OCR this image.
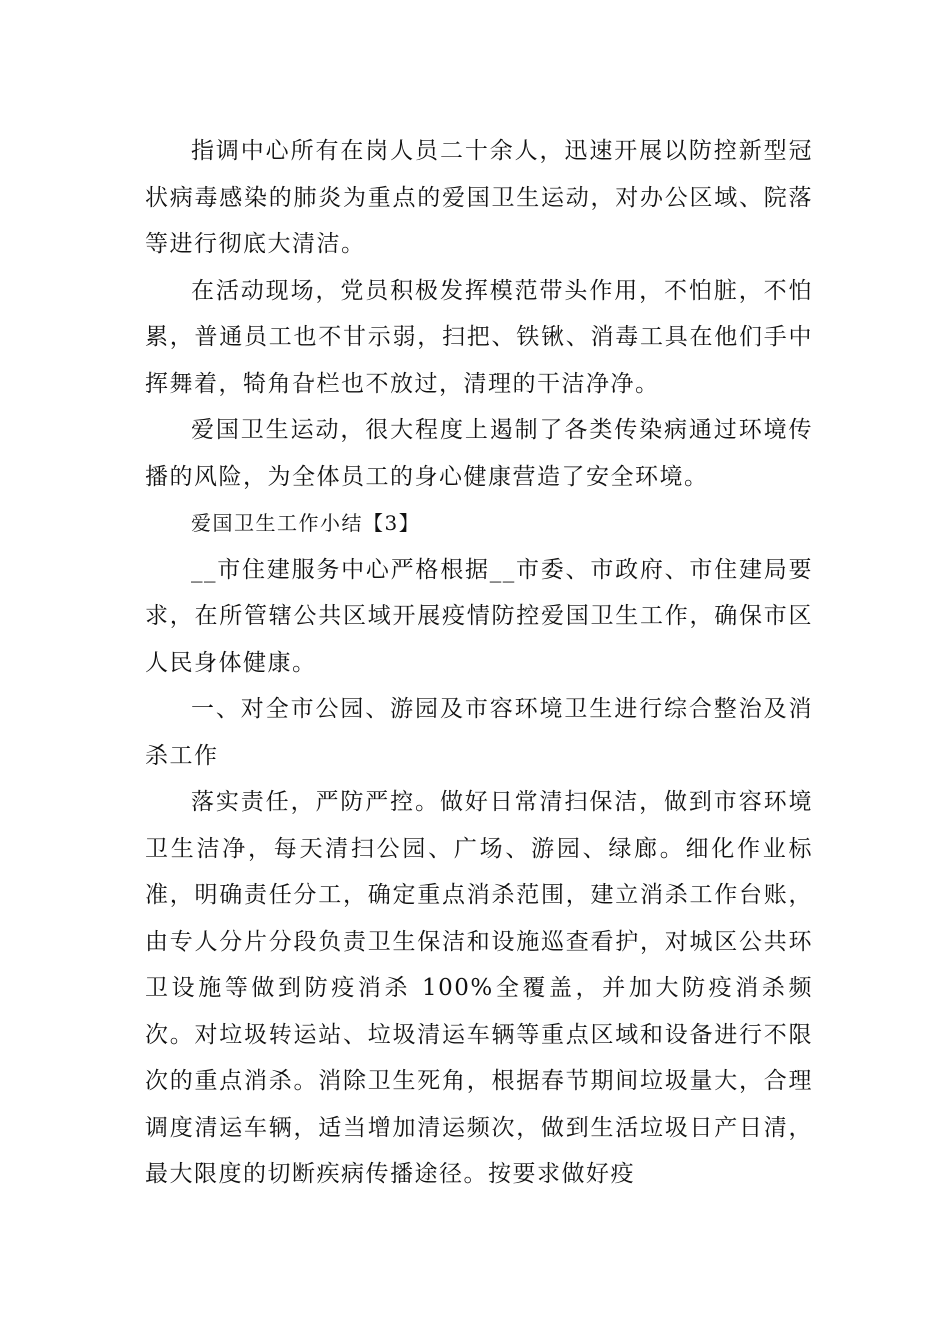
指调中心所有在岗人员二十余人，迅速开展以防控新型冠状病毒感染的肺炎为重点的爱国卫生运动，对办公区域、院落等进行彻底大清洁。

在活动现场，党员积极发挥模范带头作用，不怕脏，不怕累，普通员工也不甘示弱，扫把、铁锹、消毒工具在他们手中挥舞着，犄角旮栏也不放过，清理的干洁净净。

爱国卫生运动，很大程度上遏制了各类传染病通过环境传播的风险，为全体员工的身心健康营造了安全环境。

爱国卫生工作小结【3】

__市住建服务中心严格根据__市委、市政府、市住建局要求，在所管辖公共区域开展疫情防控爱国卫生工作，确保市区人民身体健康。

一、对全市公园、游园及市容环境卫生进行综合整治及消杀工作

落实责任，严防严控。做好日常清扫保洁，做到市容环境卫生洁净，每天清扫公园、广场、游园、绿廊。细化作业标准，明确责任分工，确定重点消杀范围，建立消杀工作台账，由专人分片分段负责卫生保洁和设施巡查看护，对城区公共环卫设施等做到防疫消杀 100%全覆盖，并加大防疫消杀频次。对垃圾转运站、垃圾清运车辆等重点区域和设备进行不限次的重点消杀。消除卫生死角，根据春节期间垃圾量大，合理调度清运车辆，适当增加清运频次，做到生活垃圾日产日清，最大限度的切断疾病传播途径。按要求做好疫
